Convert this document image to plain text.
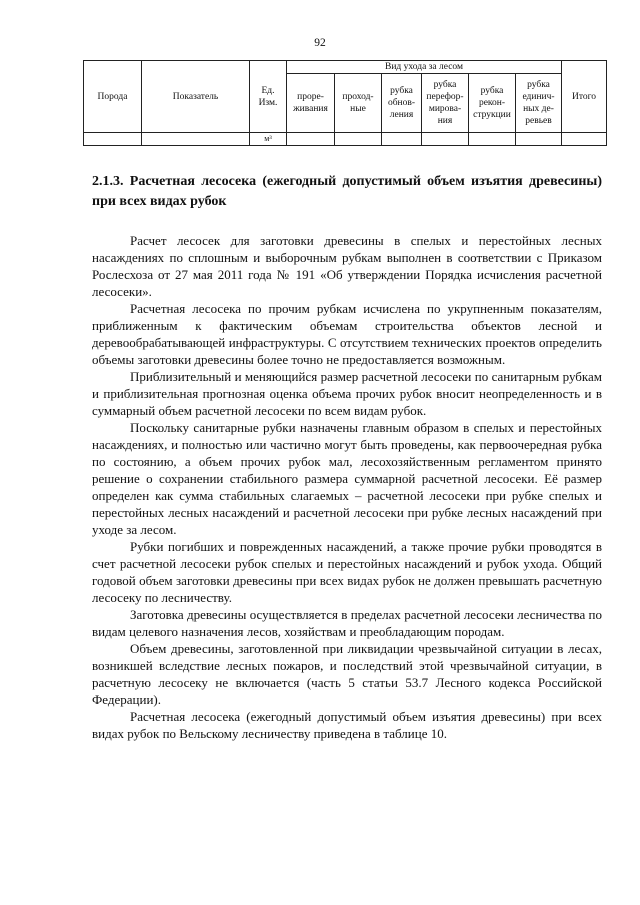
92
Порода	Показатель	Ед. Изм.	Вид ухода за лесом						Итого
			проре-живания	проход-ные	рубка обнов-ления	рубка перефор-мирова-ния	рубка рекон-струкции	рубка единич-ных де-ревьев	
		м³							
2.1.3. Расчетная лесосека (ежегодный допустимый объем изъятия древесины) при всех видах рубок

Расчет лесосек для заготовки древесины в спелых и перестойных лесных насаждениях по сплошным и выборочным рубкам выполнен в соответствии с Приказом Рослесхоза от 27 мая 2011 года № 191 «Об утверждении Порядка исчисления расчетной лесосеки».

Расчетная лесосека по прочим рубкам исчислена по укрупненным показателям, приближенным к фактическим объемам строительства объектов лесной и деревообрабатывающей инфраструктуры. С отсутствием технических проектов определить объемы заготовки древесины более точно не предоставляется возможным.

Приблизительный и меняющийся размер расчетной лесосеки по санитарным рубкам и приблизительная прогнозная оценка объема прочих рубок вносит неопределенность и в суммарный объем расчетной лесосеки по всем видам рубок.

Поскольку санитарные рубки назначены главным образом в спелых и перестойных насаждениях, и полностью или частично могут быть проведены, как первоочередная рубка по состоянию, а объем прочих рубок мал, лесохозяйственным регламентом принято решение о сохранении стабильного размера суммарной расчетной лесосеки. Её размер определен как сумма стабильных слагаемых – расчетной лесосеки при рубке спелых и перестойных лесных насаждений и расчетной лесосеки при рубке лесных насаждений при уходе за лесом.

Рубки погибших и поврежденных насаждений, а также прочие рубки проводятся в счет расчетной лесосеки рубок спелых и перестойных насаждений и рубок ухода. Общий годовой объем заготовки древесины при всех видах рубок не должен превышать расчетную лесосеку по лесничеству.

Заготовка древесины осуществляется в пределах расчетной лесосеки лесничества по видам целевого назначения лесов, хозяйствам и преобладающим породам.

Объем древесины, заготовленной при ликвидации чрезвычайной ситуации в лесах, возникшей вследствие лесных пожаров, и последствий этой чрезвычайной ситуации, в расчетную лесосеку не включается (часть 5 статьи 53.7 Лесного кодекса Российской Федерации).

Расчетная лесосека (ежегодный допустимый объем изъятия древесины) при всех видах рубок по Вельскому лесничеству приведена в таблице 10.
